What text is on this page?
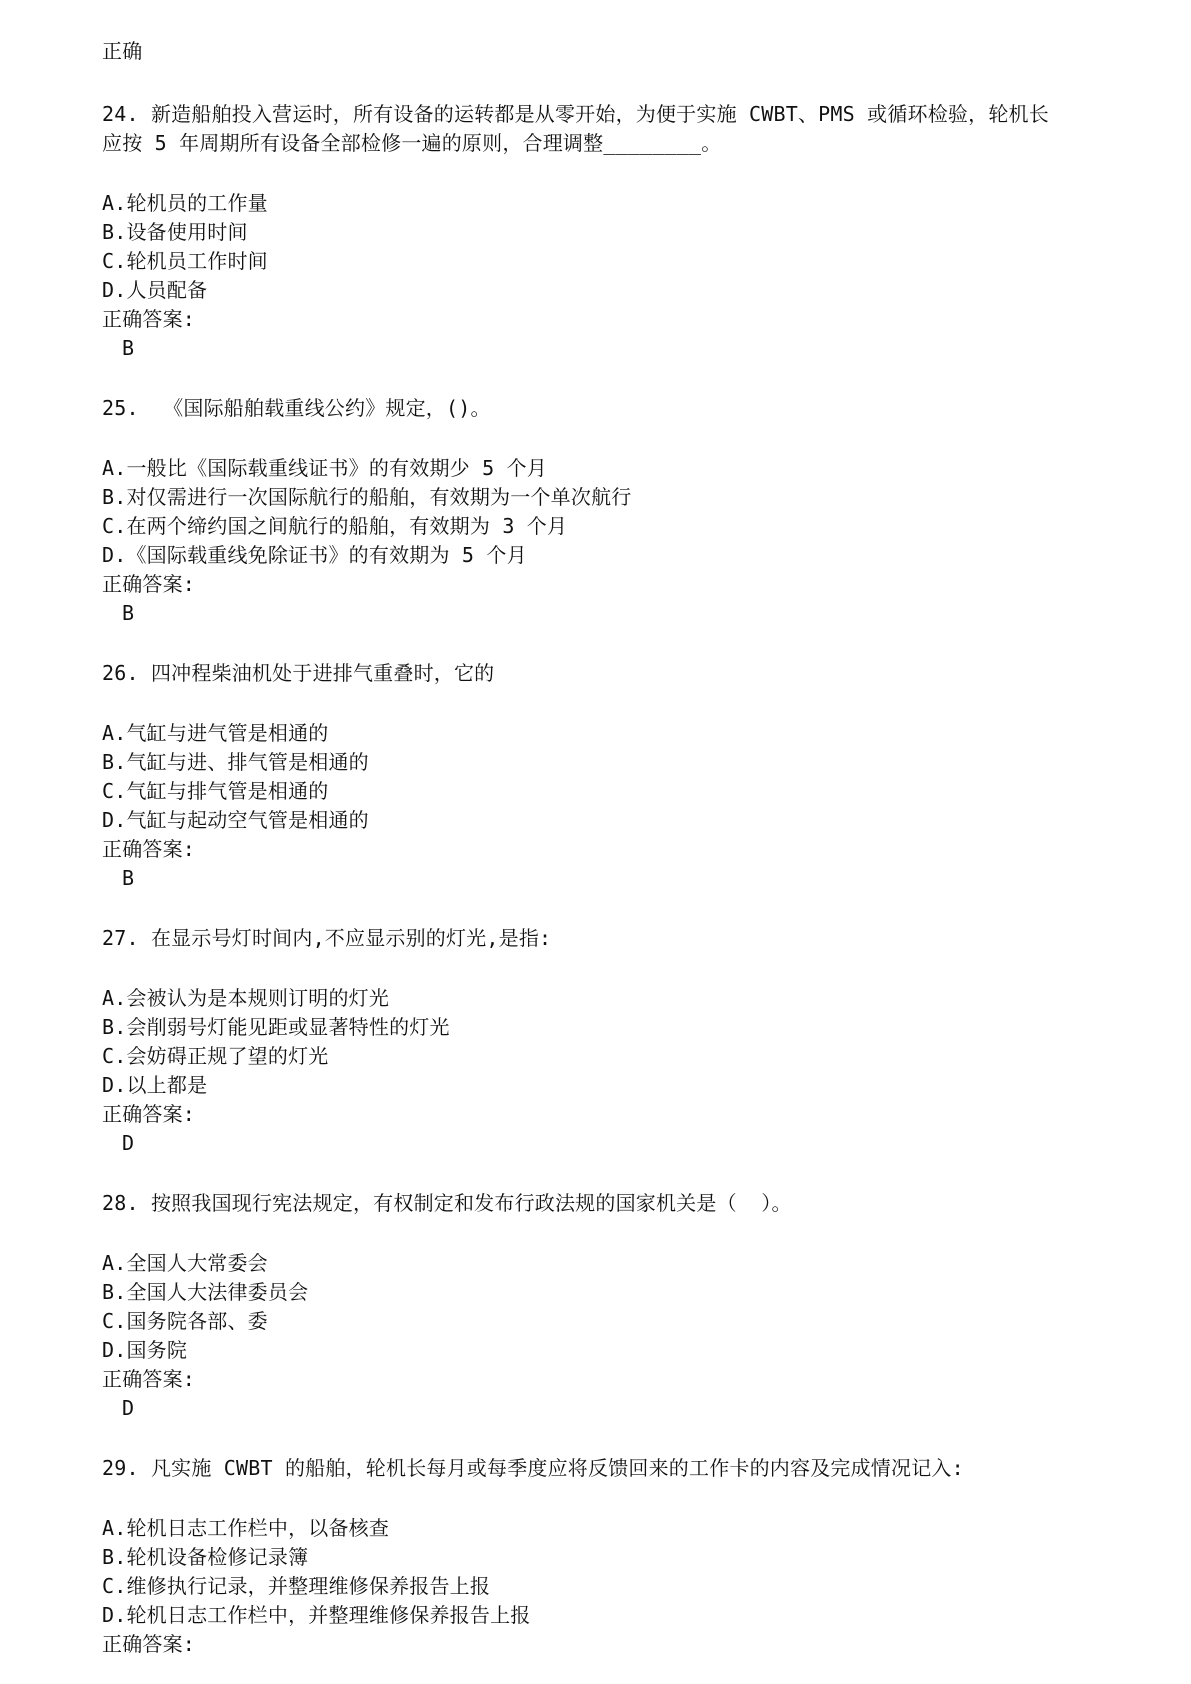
正确
24. 新造船舶投入营运时，所有设备的运转都是从零开始，为便于实施 CWBT、PMS 或循环检验，轮机长
应按 5 年周期所有设备全部检修一遍的原则，合理调整________。
A.轮机员的工作量
B.设备使用时间
C.轮机员工作时间
D.人员配备
正确答案:
B
25.  《国际船舶载重线公约》规定，()。
A.一般比《国际载重线证书》的有效期少 5 个月
B.对仅需进行一次国际航行的船舶，有效期为一个单次航行
C.在两个缔约国之间航行的船舶，有效期为 3 个月
D.《国际载重线免除证书》的有效期为 5 个月
正确答案:
B
26. 四冲程柴油机处于进排气重叠时，它的
A.气缸与进气管是相通的
B.气缸与进、排气管是相通的
C.气缸与排气管是相通的
D.气缸与起动空气管是相通的
正确答案:
B
27. 在显示号灯时间内,不应显示别的灯光,是指:
A.会被认为是本规则订明的灯光
B.会削弱号灯能见距或显著特性的灯光
C.会妨碍正规了望的灯光
D.以上都是
正确答案:
D
28. 按照我国现行宪法规定，有权制定和发布行政法规的国家机关是（  ）。
A.全国人大常委会
B.全国人大法律委员会
C.国务院各部、委
D.国务院
正确答案:
D
29. 凡实施 CWBT 的船舶，轮机长每月或每季度应将反馈回来的工作卡的内容及完成情况记入:
A.轮机日志工作栏中，以备核查
B.轮机设备检修记录簿
C.维修执行记录，并整理维修保养报告上报
D.轮机日志工作栏中，并整理维修保养报告上报
正确答案:
